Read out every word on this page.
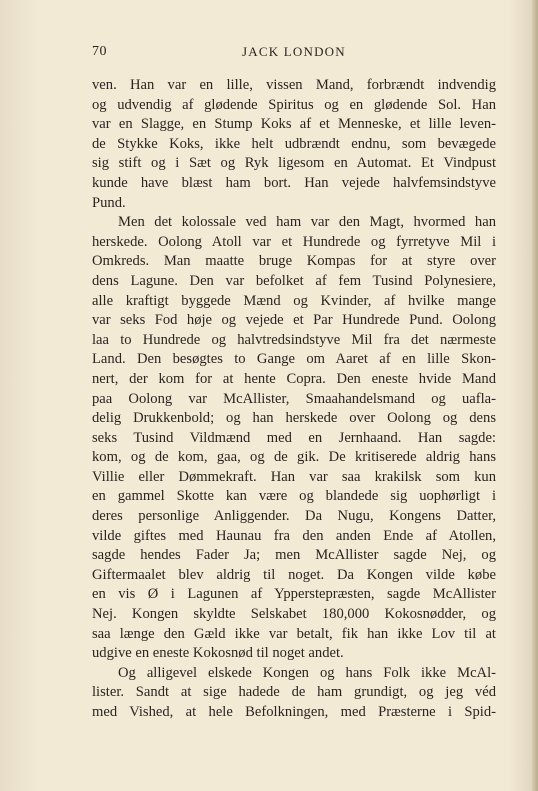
70	JACK LONDON
ven. Han var en lille, vissen Mand, forbrændt indvendig
og udvendig af glødende Spiritus og en glødende Sol. Han
var en Slagge, en Stump Koks af et Menneske, et lille leven-
de Stykke Koks, ikke helt udbrændt endnu, som bevægede
sig stift og i Sæt og Ryk ligesom en Automat. Et Vindpust
kunde have blæst ham bort. Han vejede halvfemsindstyve
Pund.
Men det kolossale ved ham var den Magt, hvormed han
herskede. Oolong Atoll var et Hundrede og fyrretyve Mil i
Omkreds. Man maatte bruge Kompas for at styre over
dens Lagune. Den var befolket af fem Tusind Polynesiere,
alle kraftigt byggede Mænd og Kvinder, af hvilke mange
var seks Fod høje og vejede et Par Hundrede Pund. Oolong
laa to Hundrede og halvtredsindstyve Mil fra det nærmeste
Land. Den besøgtes to Gange om Aaret af en lille Skon-
nert, der kom for at hente Copra. Den eneste hvide Mand
paa Oolong var McAllister, Smaahandelsmand og uafla-
delig Drukkenbold; og han herskede over Oolong og dens
seks Tusind Vildmænd med en Jernhaand. Han sagde:
kom, og de kom, gaa, og de gik. De kritiserede aldrig hans
Villie eller Dømmekraft. Han var saa krakilsk som kun
en gammel Skotte kan være og blandede sig uophørligt i
deres personlige Anliggender. Da Nugu, Kongens Datter,
vilde giftes med Haunau fra den anden Ende af Atollen,
sagde hendes Fader Ja; men McAllister sagde Nej, og
Giftermaalet blev aldrig til noget. Da Kongen vilde købe
en vis Ø i Lagunen af Ypperstepræsten, sagde McAllister
Nej. Kongen skyldte Selskabet 180,000 Kokosnødder, og
saa længe den Gæld ikke var betalt, fik han ikke Lov til at
udgive en eneste Kokosnød til noget andet.
Og alligevel elskede Kongen og hans Folk ikke McAl-
lister. Sandt at sige hadede de ham grundigt, og jeg véd
med Vished, at hele Befolkningen, med Præsterne i Spid-
